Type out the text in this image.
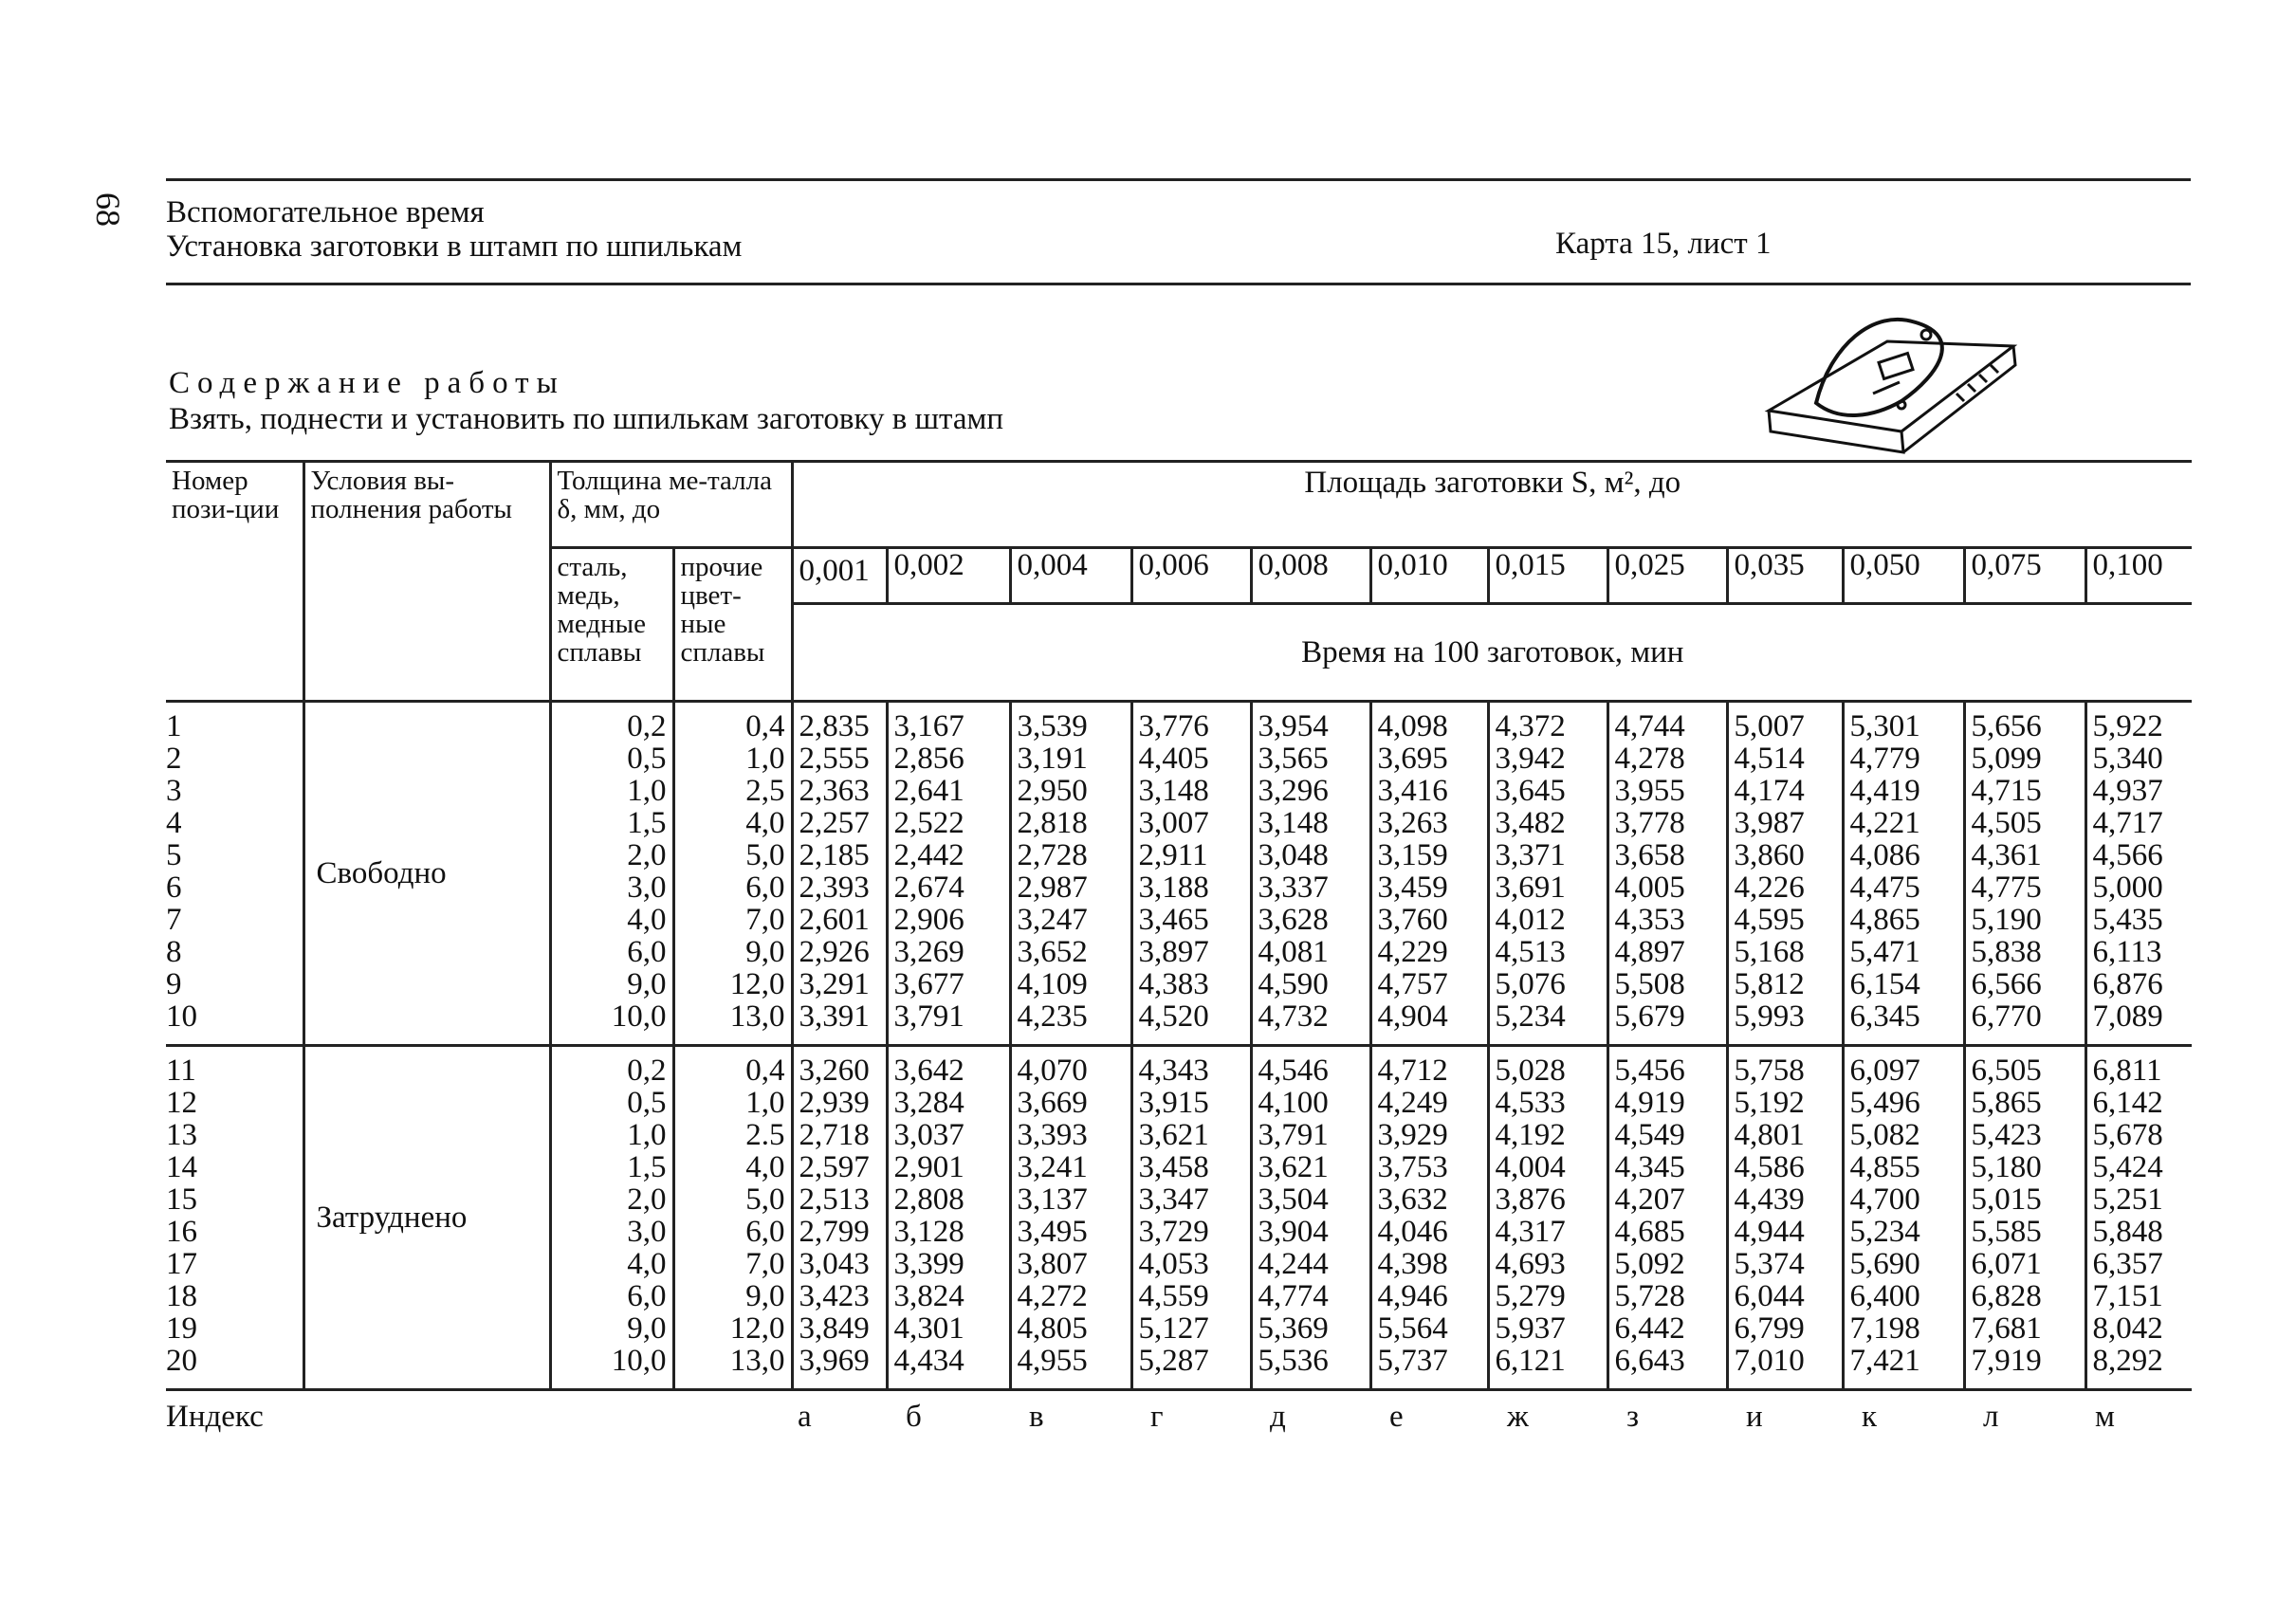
68 Вспомогательное время
Установка заготовки в штамп по шпилькам	Карта 15, лист 1
Содержание работы
Взять, поднести и установить по шпилькам заготовку в штамп
Номер пози-ции	Условия вы-полнения работы	Толщина ме-талла δ, мм, до		Площадь заготовки S, м², до											
		сталь, медь, медные сплавы	прочие цвет-ные сплавы	0,001	0,002	0,004	0,006	0,008	0,010	0,015	0,025	0,035	0,050	0,075	0,100
				Время на 100 заготовок, мин											
1	Свободно	0,2	0,4	2,835	3,167	3,539	3,776	3,954	4,098	4,372	4,744	5,007	5,301	5,656	5,922
2		0,5	1,0	2,555	2,856	3,191	4,405	3,565	3,695	3,942	4,278	4,514	4,779	5,099	5,340
3		1,0	2,5	2,363	2,641	2,950	3,148	3,296	3,416	3,645	3,955	4,174	4,419	4,715	4,937
4		1,5	4,0	2,257	2,522	2,818	3,007	3,148	3,263	3,482	3,778	3,987	4,221	4,505	4,717
5		2,0	5,0	2,185	2,442	2,728	2,911	3,048	3,159	3,371	3,658	3,860	4,086	4,361	4,566
6		3,0	6,0	2,393	2,674	2,987	3,188	3,337	3,459	3,691	4,005	4,226	4,475	4,775	5,000
7		4,0	7,0	2,601	2,906	3,247	3,465	3,628	3,760	4,012	4,353	4,595	4,865	5,190	5,435
8		6,0	9,0	2,926	3,269	3,652	3,897	4,081	4,229	4,513	4,897	5,168	5,471	5,838	6,113
9		9,0	12,0	3,291	3,677	4,109	4,383	4,590	4,757	5,076	5,508	5,812	6,154	6,566	6,876
10		10,0	13,0	3,391	3,791	4,235	4,520	4,732	4,904	5,234	5,679	5,993	6,345	6,770	7,089
11	Затруднено	0,2	0,4	3,260	3,642	4,070	4,343	4,546	4,712	5,028	5,456	5,758	6,097	6,505	6,811
12		0,5	1,0	2,939	3,284	3,669	3,915	4,100	4,249	4,533	4,919	5,192	5,496	5,865	6,142
13		1,0	2.5	2,718	3,037	3,393	3,621	3,791	3,929	4,192	4,549	4,801	5,082	5,423	5,678
14		1,5	4,0	2,597	2,901	3,241	3,458	3,621	3,753	4,004	4,345	4,586	4,855	5,180	5,424
15		2,0	5,0	2,513	2,808	3,137	3,347	3,504	3,632	3,876	4,207	4,439	4,700	5,015	5,251
16		3,0	6,0	2,799	3,128	3,495	3,729	3,904	4,046	4,317	4,685	4,944	5,234	5,585	5,848
17		4,0	7,0	3,043	3,399	3,807	4,053	4,244	4,398	4,693	5,092	5,374	5,690	6,071	6,357
18		6,0	9,0	3,423	3,824	4,272	4,559	4,774	4,946	5,279	5,728	6,044	6,400	6,828	7,151
19		9,0	12,0	3,849	4,301	4,805	5,127	5,369	5,564	5,937	6,442	6,799	7,198	7,681	8,042
20		10,0	13,0	3,969	4,434	4,955	5,287	5,536	5,737	6,121	6,643	7,010	7,421	7,919	8,292
Индекс				а	б	в	г	д	е	ж	з	и	к	л	м
